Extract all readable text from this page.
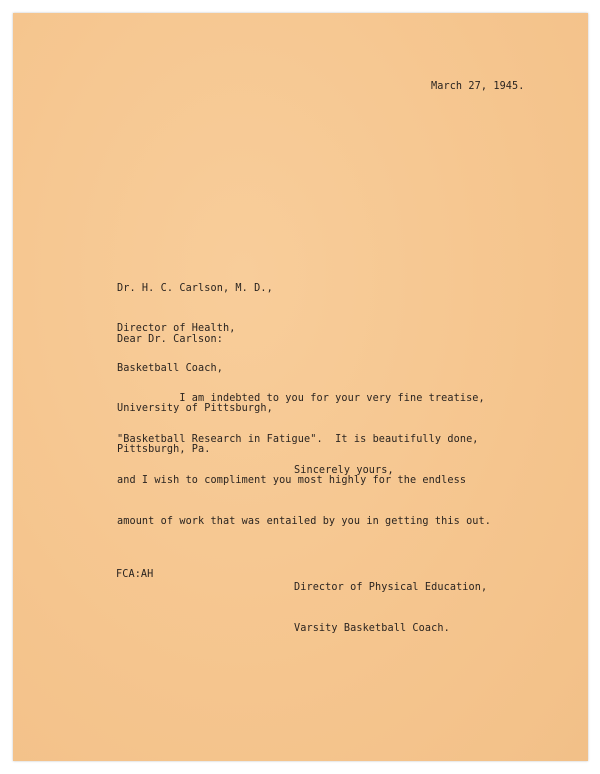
March 27, 1945.

Dr. H. C. Carlson, M. D.,

Director of Health,

Basketball Coach,

University of Pittsburgh,

Pittsburgh, Pa.

Dear Dr. Carlson:

I am indebted to you for your very fine treatise,

"Basketball Research in Fatigue".  It is beautifully done,

and I wish to compliment you most highly for the endless

amount of work that was entailed by you in getting this out.

Sincerely yours,

Director of Physical Education,

Varsity Basketball Coach.

FCA:AH
